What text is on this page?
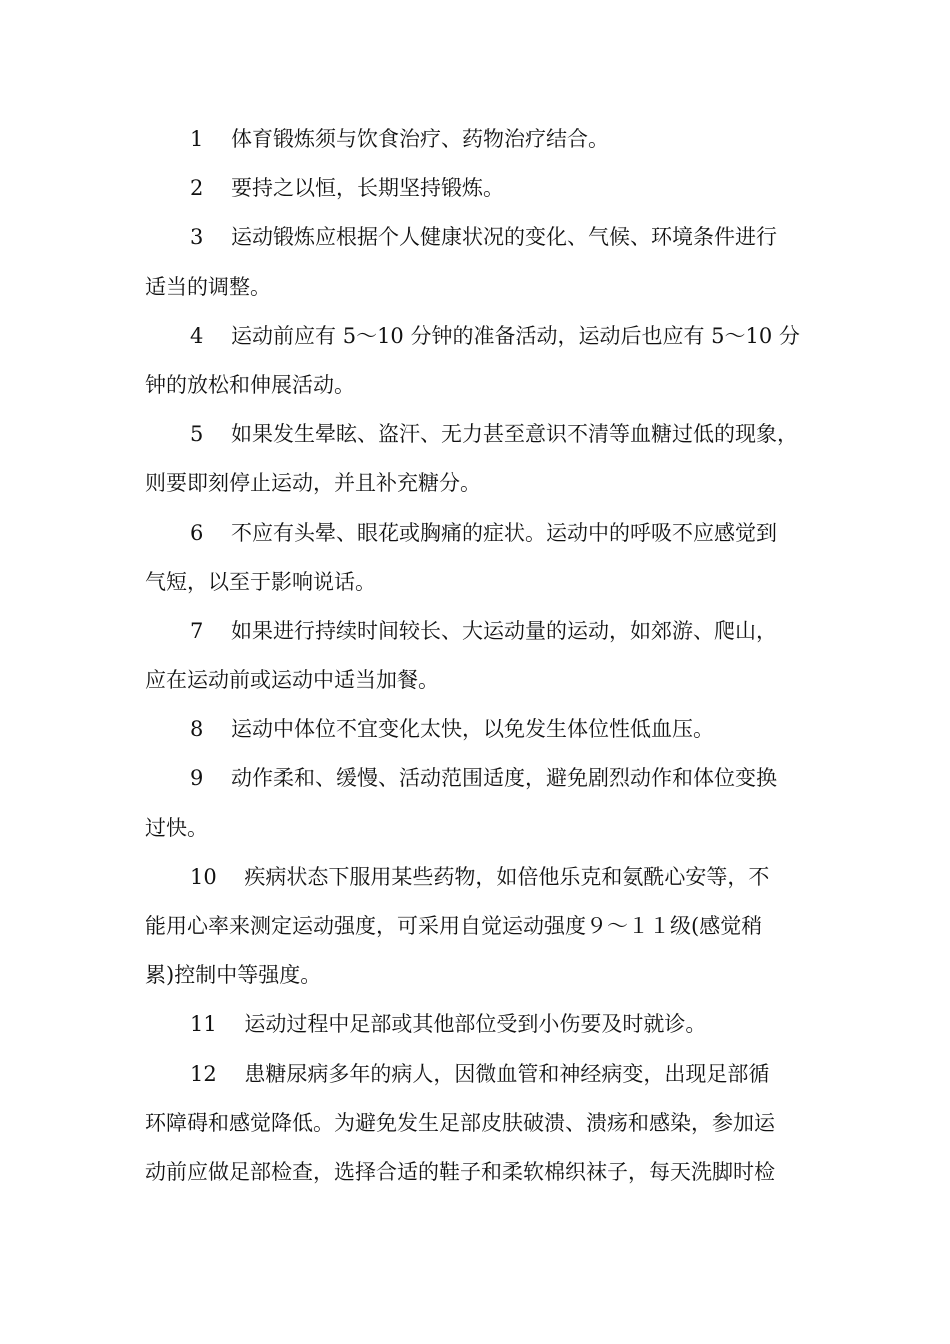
1　 体育锻炼须与饮食治疗、药物治疗结合。
2　 要持之以恒，长期坚持锻炼。
3　 运动锻炼应根据个人健康状况的变化、气候、环境条件进行
适当的调整。
4　 运动前应有 5～10 分钟的准备活动，运动后也应有 5～10 分
钟的放松和伸展活动。
5　 如果发生晕眩、盗汗、无力甚至意识不清等血糖过低的现象，
则要即刻停止运动，并且补充糖分。
6　 不应有头晕、眼花或胸痛的症状。运动中的呼吸不应感觉到
气短，以至于影响说话。
7　 如果进行持续时间较长、大运动量的运动，如郊游、爬山，
应在运动前或运动中适当加餐。
8　 运动中体位不宜变化太快，以免发生体位性低血压。
9　 动作柔和、缓慢、活动范围适度，避免剧烈动作和体位变换
过快。
10　 疾病状态下服用某些药物，如倍他乐克和氨酰心安等，不
能用心率来测定运动强度，可采用自觉运动强度９～１１级(感觉稍
累)控制中等强度。
11　 运动过程中足部或其他部位受到小伤要及时就诊。
12　 患糖尿病多年的病人，因微血管和神经病变，出现足部循
环障碍和感觉降低。为避免发生足部皮肤破溃、溃疡和感染，参加运
动前应做足部检查，选择合适的鞋子和柔软棉织袜子，每天洗脚时检
